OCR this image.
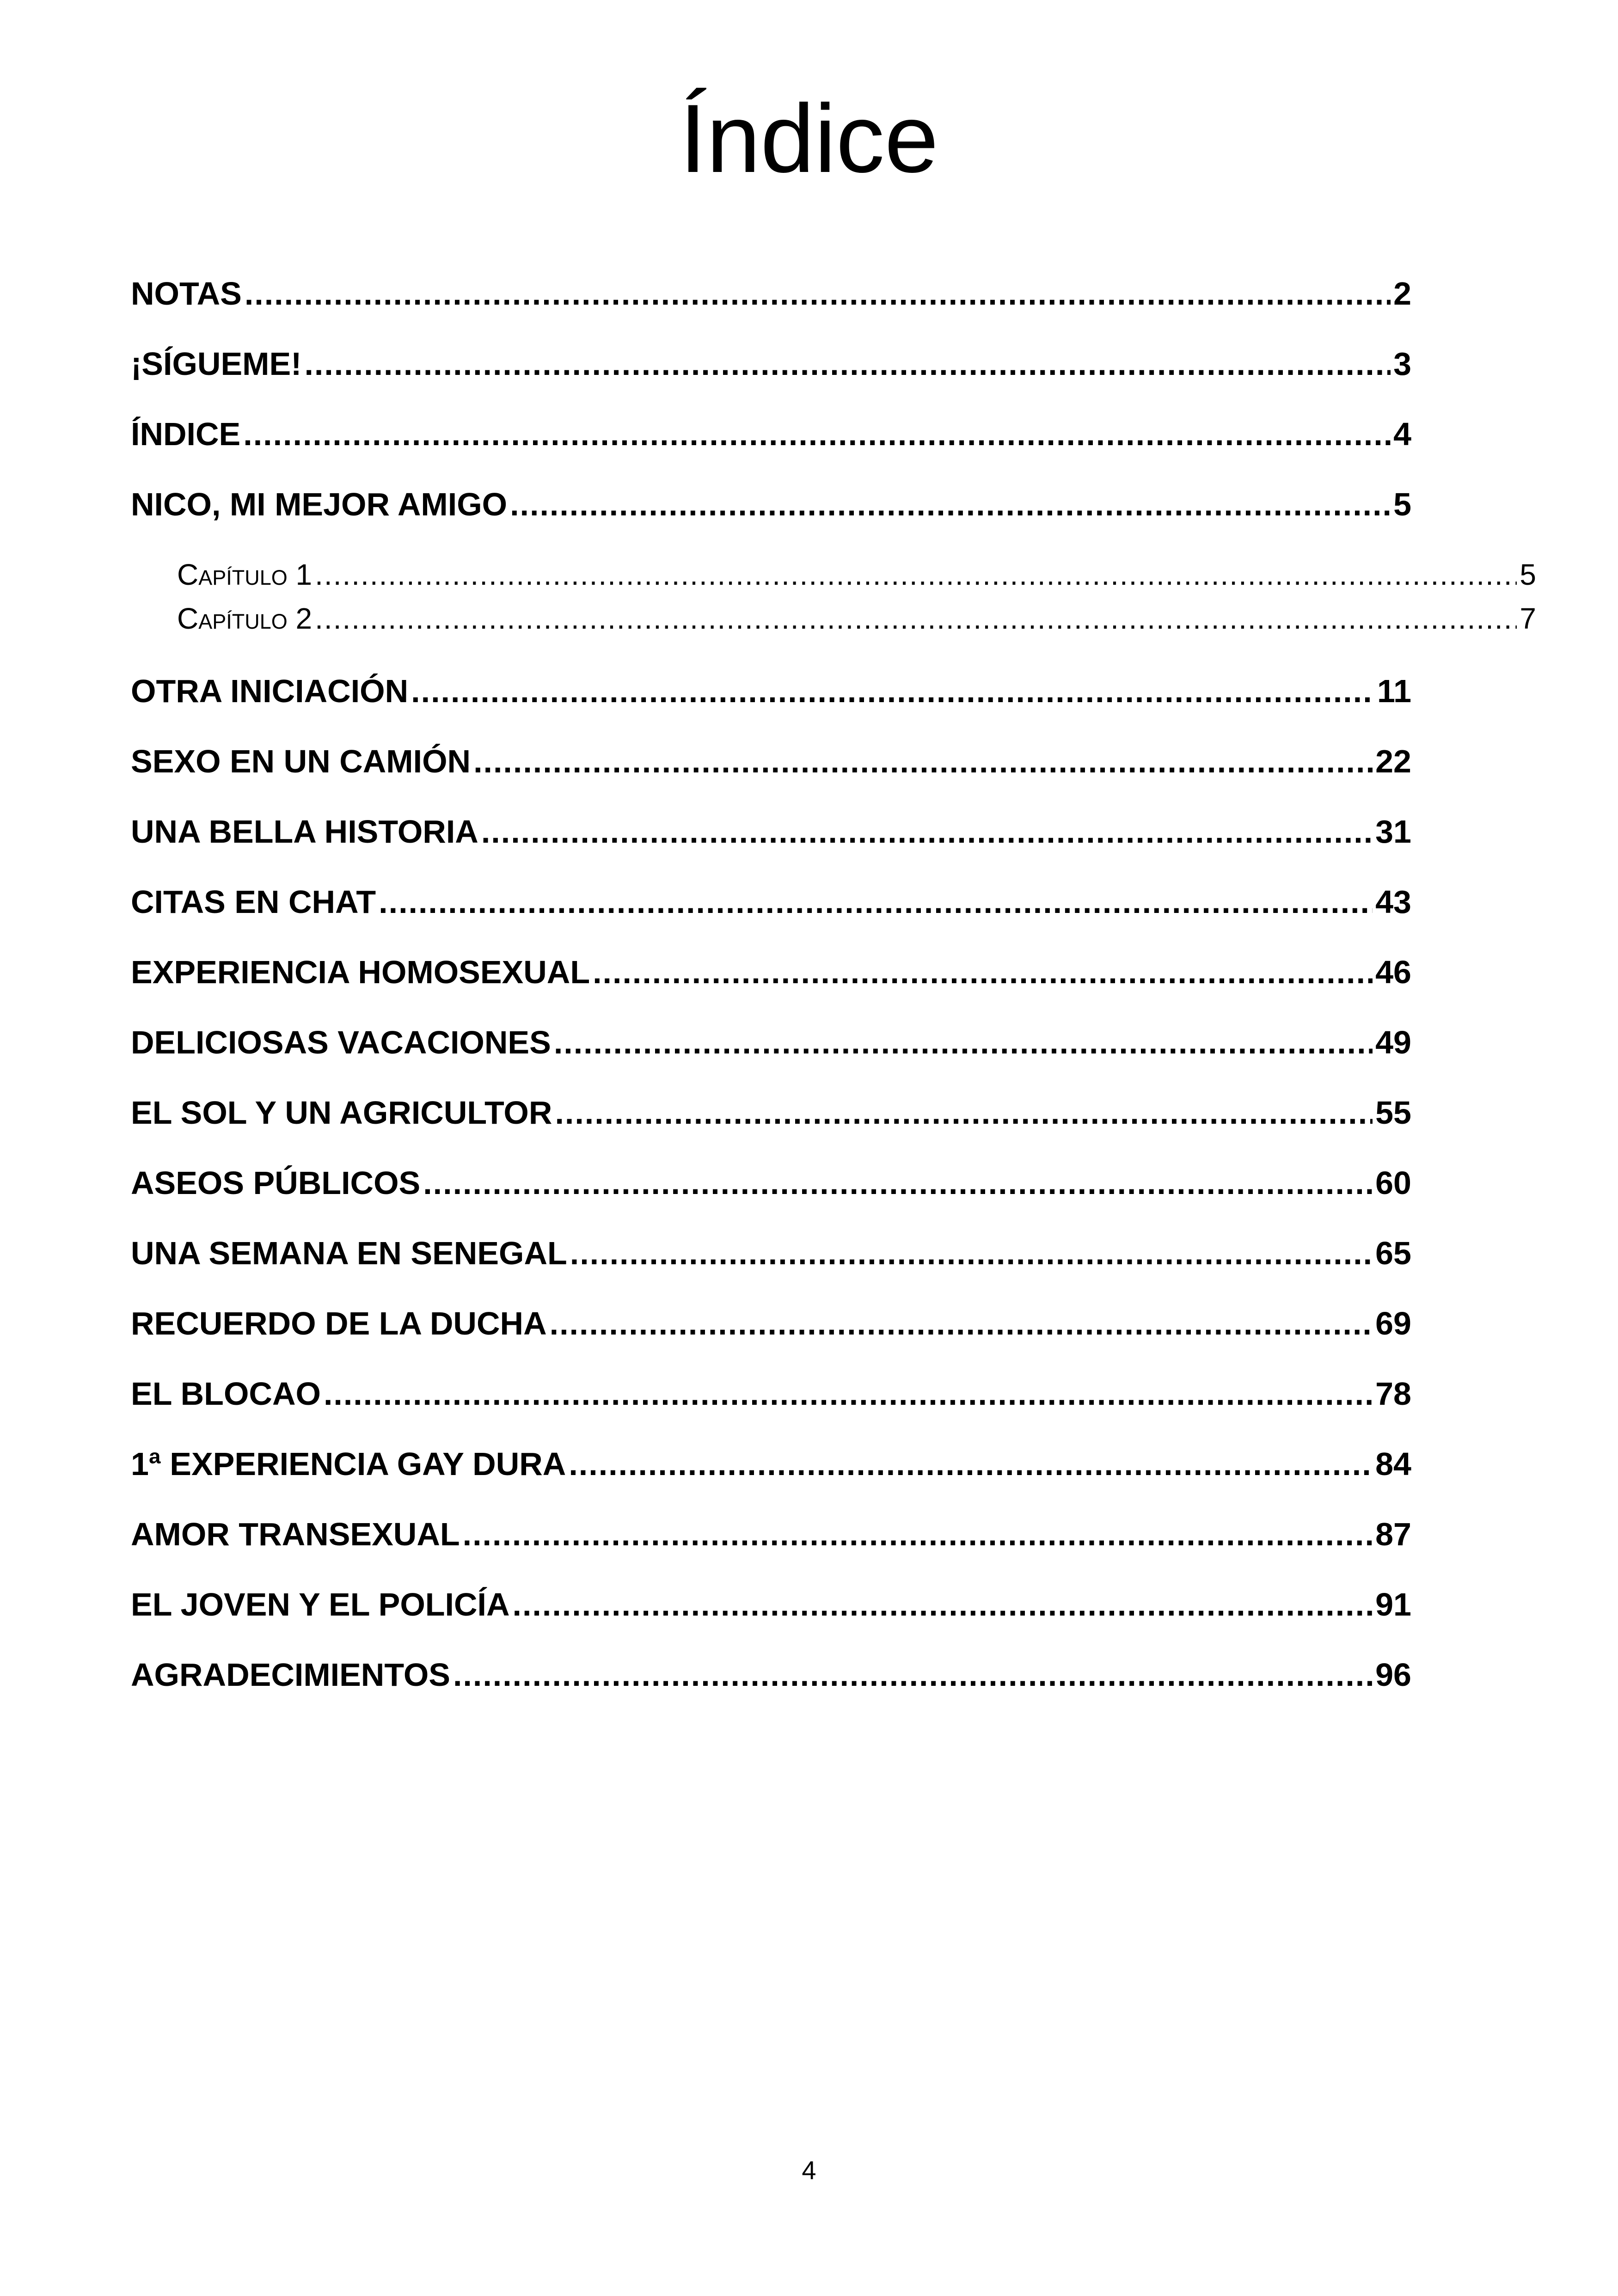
Índice
NOTAS .....	2
¡SÍGUEME! .....	3
ÍNDICE .....	4
NICO, MI MEJOR AMIGO .....	5
Capítulo 1 .....	5
Capítulo 2 .....	7
OTRA INICIACIÓN .....	11
SEXO EN UN CAMIÓN .....	22
UNA BELLA HISTORIA .....	31
CITAS EN CHAT .....	43
EXPERIENCIA HOMOSEXUAL .....	46
DELICIOSAS VACACIONES .....	49
EL SOL Y UN AGRICULTOR .....	55
ASEOS PÚBLICOS .....	60
UNA SEMANA EN SENEGAL .....	65
RECUERDO DE LA DUCHA .....	69
EL BLOCAO .....	78
1ª EXPERIENCIA GAY DURA .....	84
AMOR TRANSEXUAL .....	87
EL JOVEN Y EL POLICÍA .....	91
AGRADECIMIENTOS .....	96
4
